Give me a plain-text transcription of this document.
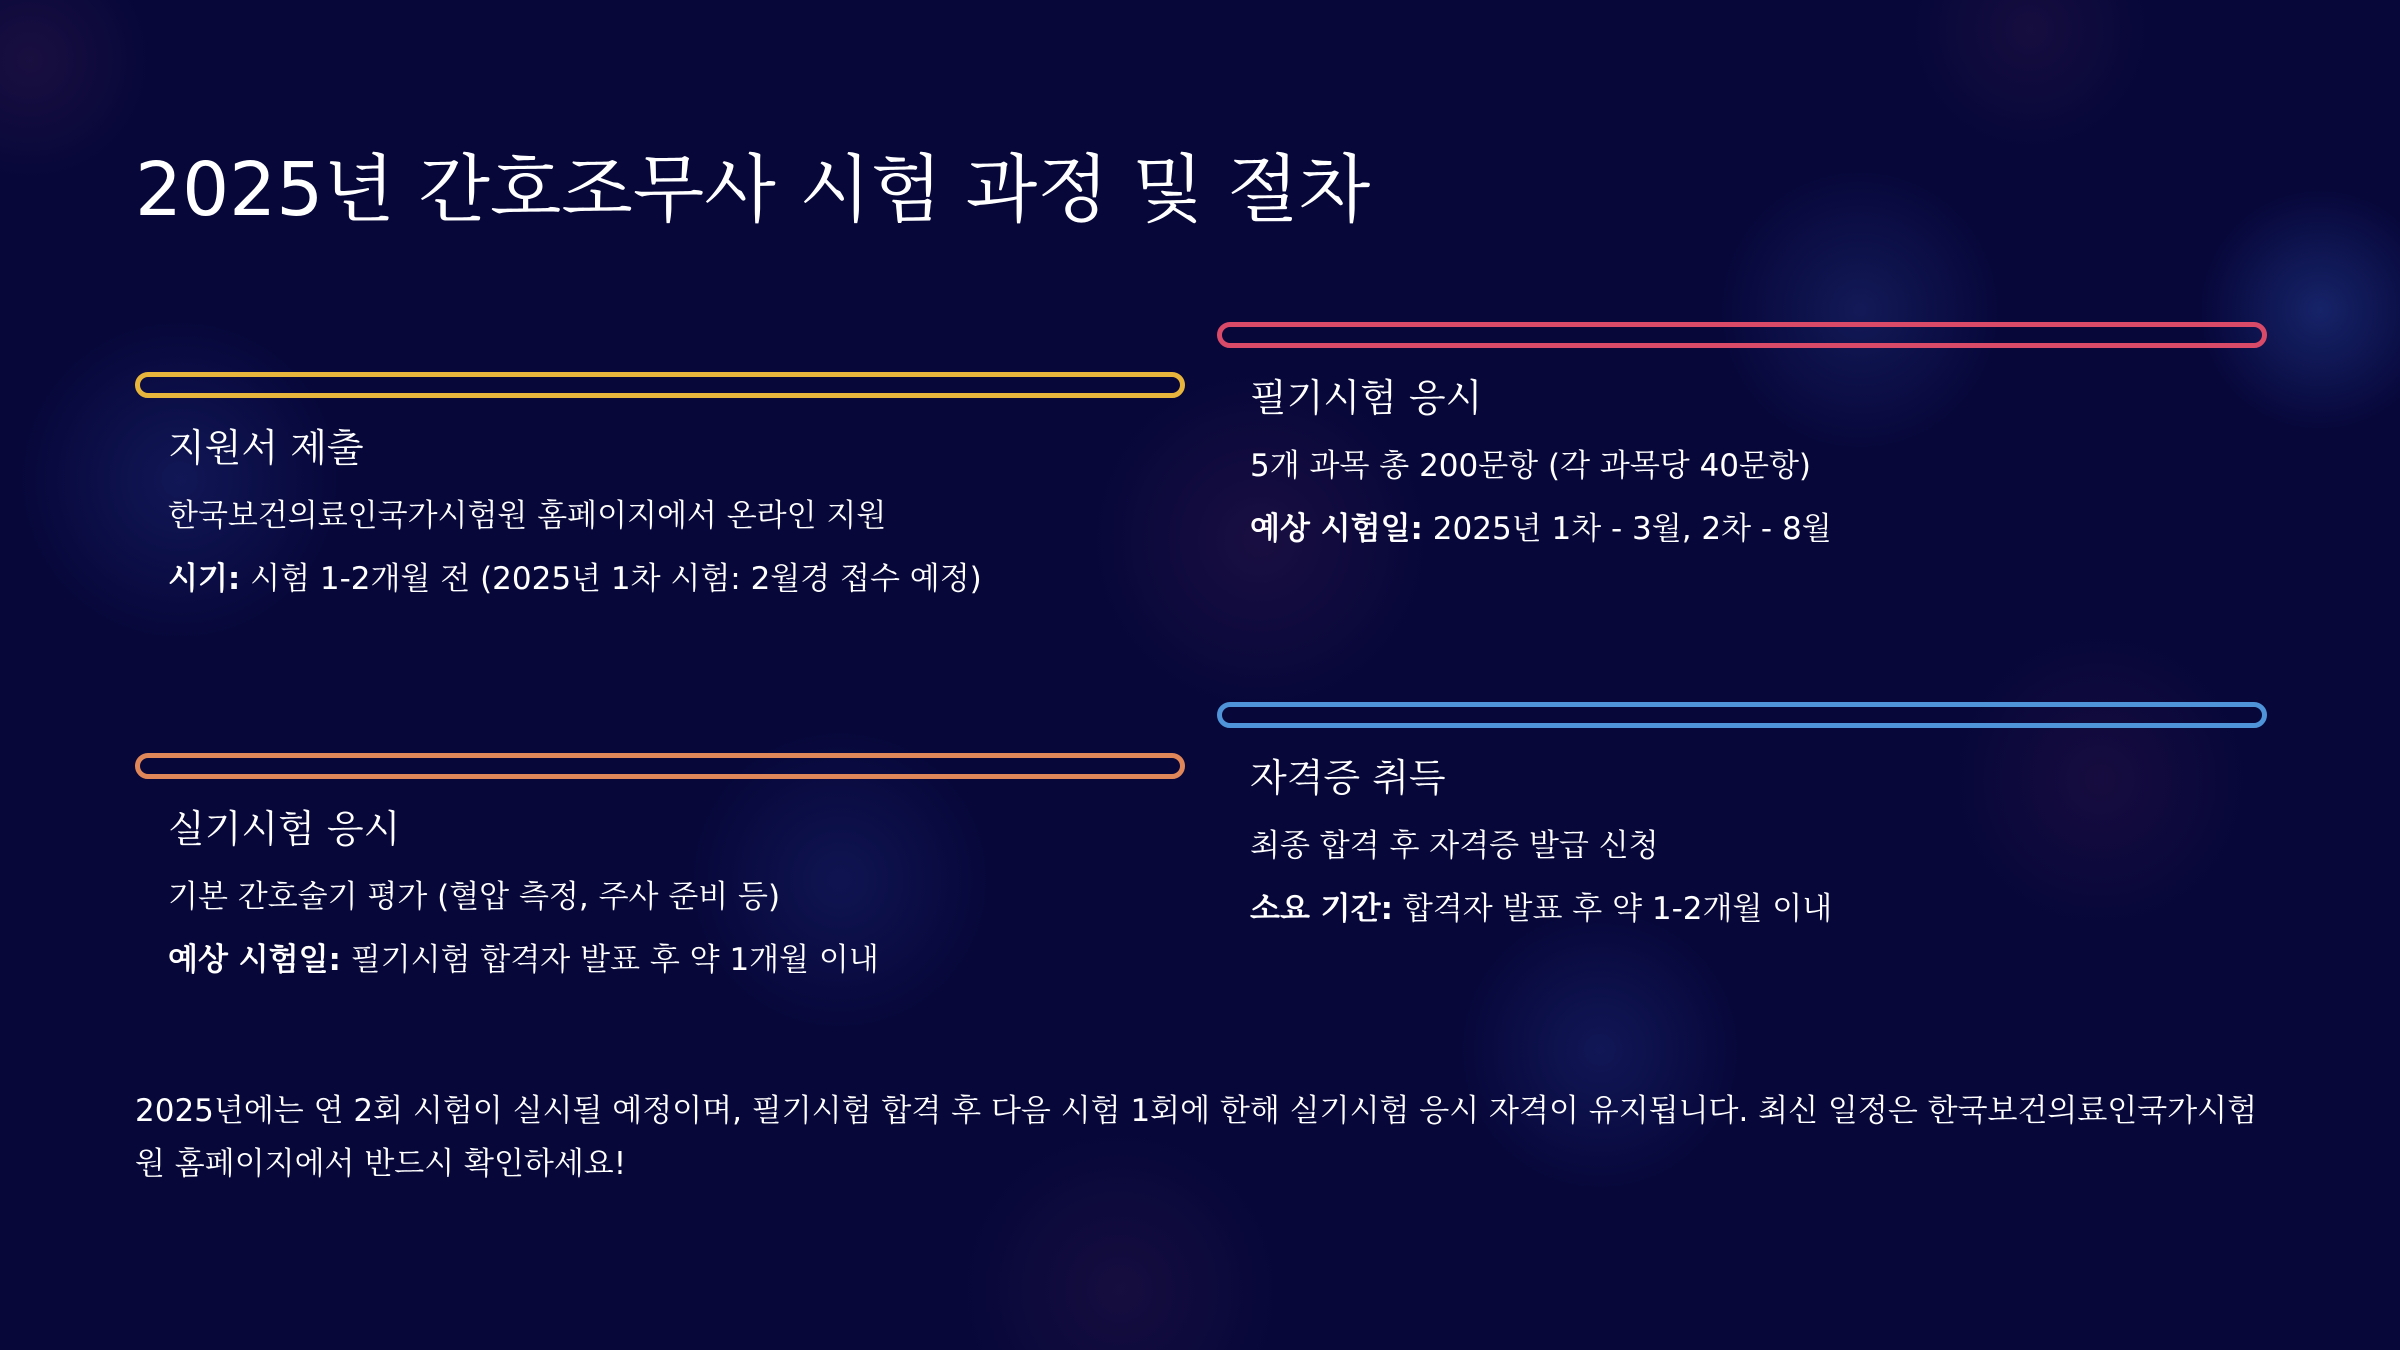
2025년 간호조무사 시험 과정 및 절차
지원서 제출

한국보건의료인국가시험원 홈페이지에서 온라인 지원

시기: 시험 1-2개월 전 (2025년 1차 시험: 2월경 접수 예정)

필기시험 응시

5개 과목 총 200문항 (각 과목당 40문항)

예상 시험일: 2025년 1차 - 3월, 2차 - 8월

실기시험 응시

기본 간호술기 평가 (혈압 측정, 주사 준비 등)

예상 시험일: 필기시험 합격자 발표 후 약 1개월 이내

자격증 취득

최종 합격 후 자격증 발급 신청

소요 기간: 합격자 발표 후 약 1-2개월 이내

2025년에는 연 2회 시험이 실시될 예정이며, 필기시험 합격 후 다음 시험 1회에 한해 실기시험 응시 자격이 유지됩니다. 최신 일정은 한국보건의료인국가시험원 홈페이지에서 반드시 확인하세요!
